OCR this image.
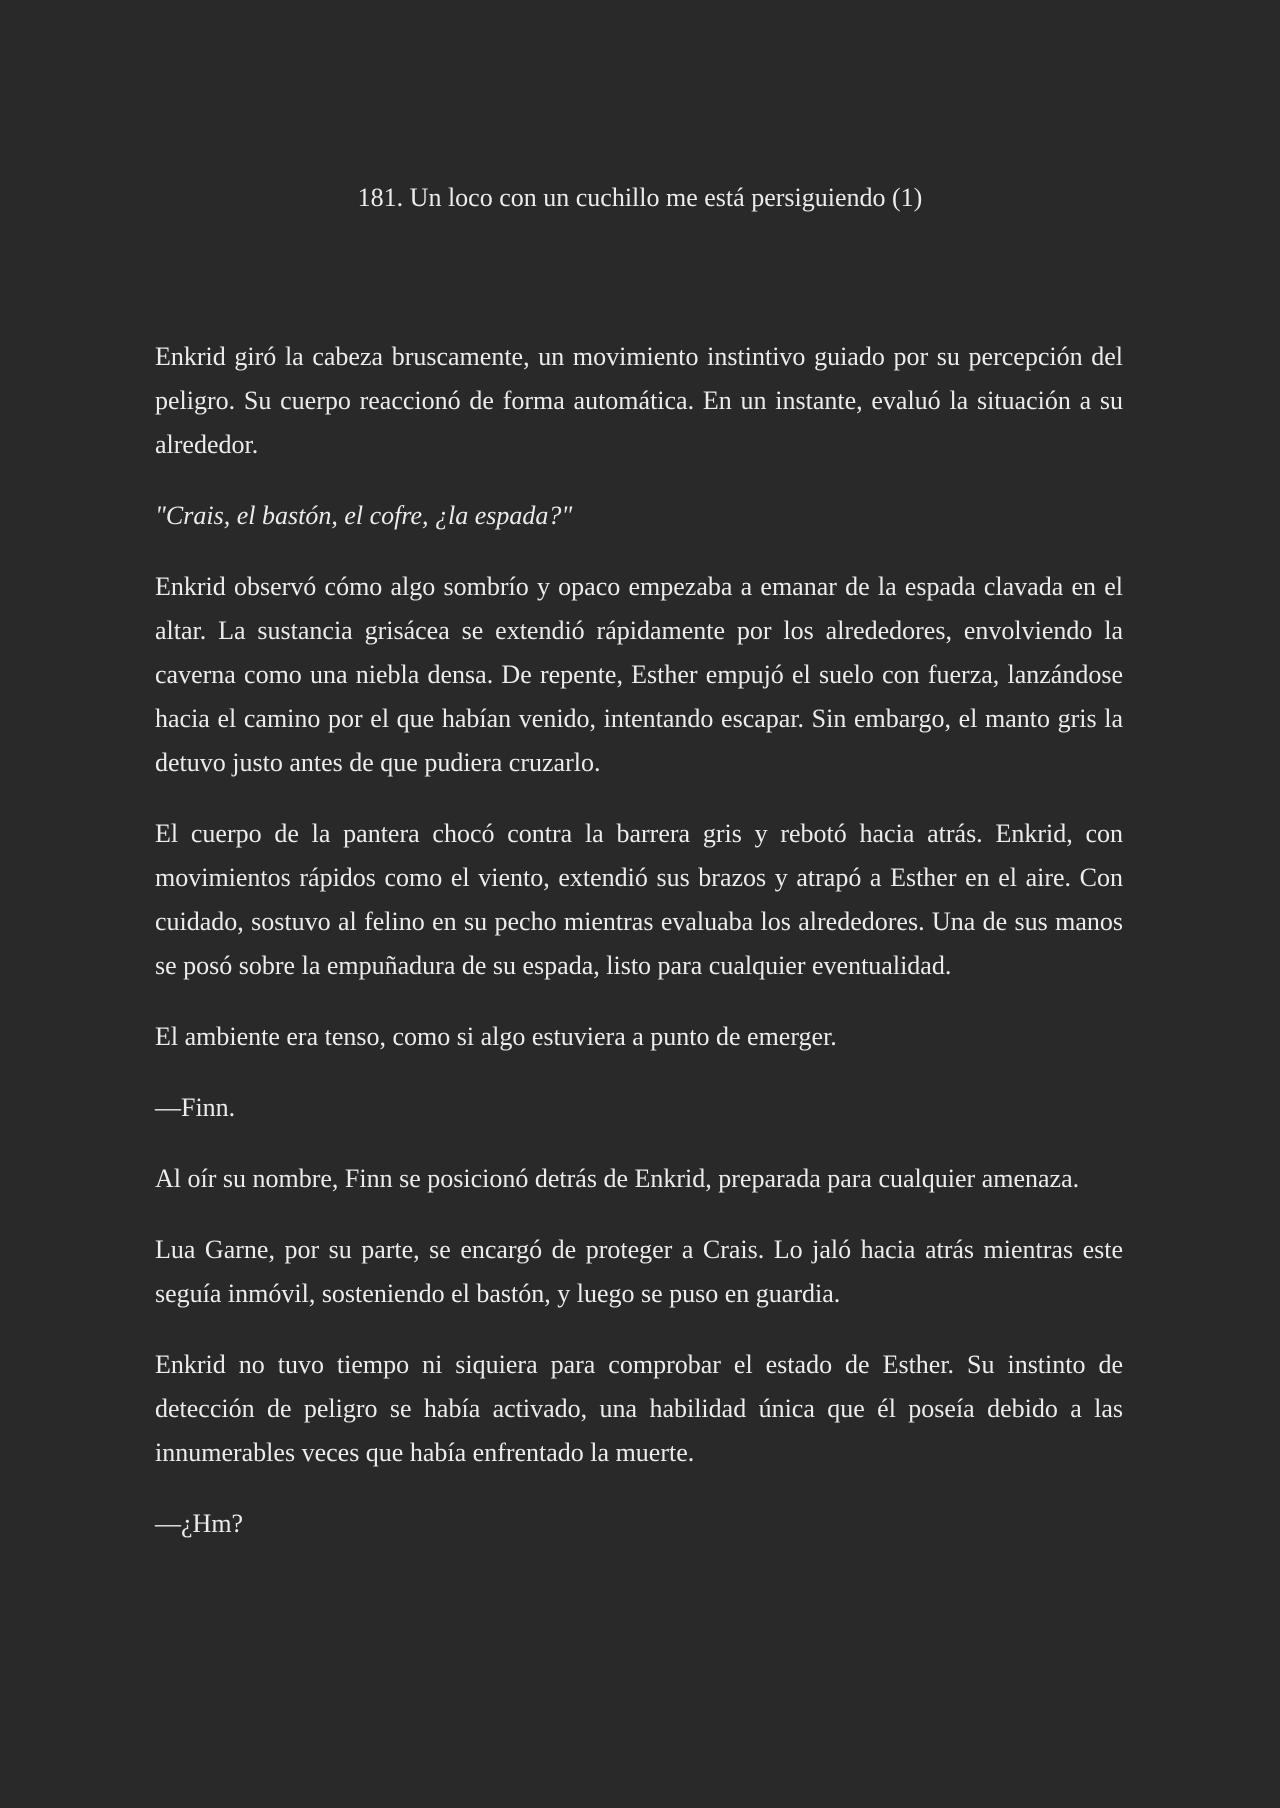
181. Un loco con un cuchillo me está persiguiendo (1)

Enkrid giró la cabeza bruscamente, un movimiento instintivo guiado por su percepción del peligro. Su cuerpo reaccionó de forma automática. En un instante, evaluó la situación a su alrededor.

"Crais, el bastón, el cofre, ¿la espada?"

Enkrid observó cómo algo sombrío y opaco empezaba a emanar de la espada clavada en el altar. La sustancia grisácea se extendió rápidamente por los alrededores, envolviendo la caverna como una niebla densa. De repente, Esther empujó el suelo con fuerza, lanzándose hacia el camino por el que habían venido, intentando escapar. Sin embargo, el manto gris la detuvo justo antes de que pudiera cruzarlo.

El cuerpo de la pantera chocó contra la barrera gris y rebotó hacia atrás. Enkrid, con movimientos rápidos como el viento, extendió sus brazos y atrapó a Esther en el aire. Con cuidado, sostuvo al felino en su pecho mientras evaluaba los alrededores. Una de sus manos se posó sobre la empuñadura de su espada, listo para cualquier eventualidad.

El ambiente era tenso, como si algo estuviera a punto de emerger.

—Finn.

Al oír su nombre, Finn se posicionó detrás de Enkrid, preparada para cualquier amenaza.

Lua Garne, por su parte, se encargó de proteger a Crais. Lo jaló hacia atrás mientras este seguía inmóvil, sosteniendo el bastón, y luego se puso en guardia.

Enkrid no tuvo tiempo ni siquiera para comprobar el estado de Esther. Su instinto de detección de peligro se había activado, una habilidad única que él poseía debido a las innumerables veces que había enfrentado la muerte.

—¿Hm?
